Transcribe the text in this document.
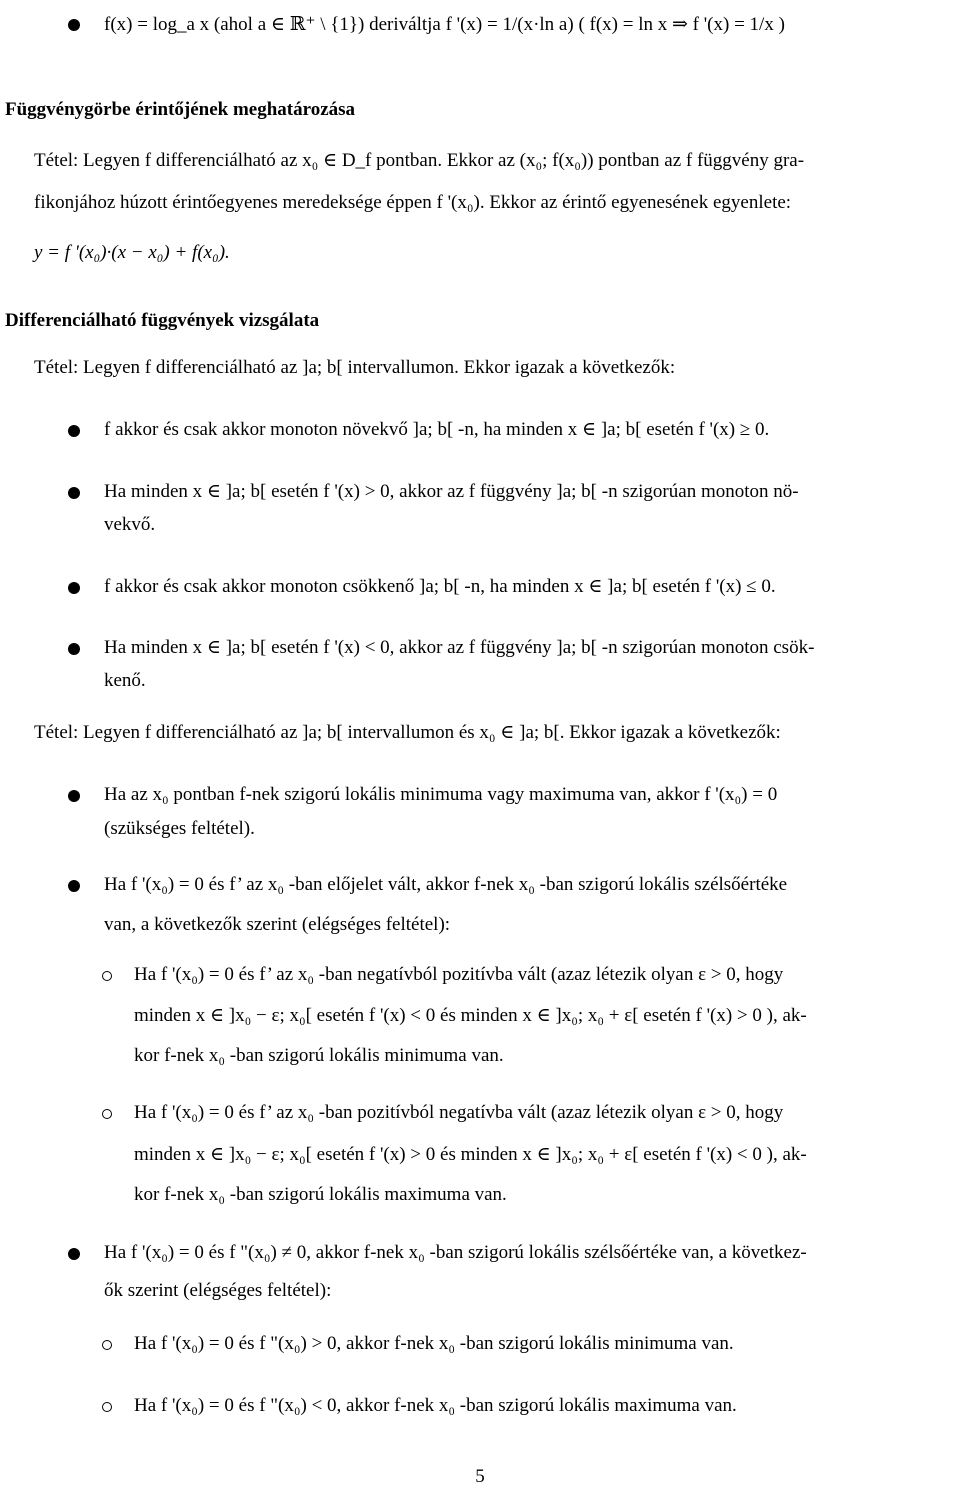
f(x) = log_a x (ahol a ∈ ℝ⁺ \ {1}) deriváltja f '(x) = 1/(x·ln a) ( f(x) = ln x ⇒ f '(x) = 1/x )
Függvénygörbe érintőjének meghatározása
Tétel: Legyen f differenciálható az x₀ ∈ D_f pontban. Ekkor az (x₀; f(x₀)) pontban az f függvény gra-
fikonjához húzott érintőegyenes meredeksége éppen f '(x₀). Ekkor az érintő egyenesének egyenlete:
y = f '(x₀)·(x − x₀) + f(x₀).
Differenciálható függvények vizsgálata
Tétel: Legyen f differenciálható az ]a; b[ intervallumon. Ekkor igazak a következők:
f akkor és csak akkor monoton növekvő ]a; b[ -n, ha minden x ∈ ]a; b[ esetén f '(x) ≥ 0.
Ha minden x ∈ ]a; b[ esetén f '(x) > 0, akkor az f függvény ]a; b[ -n szigorúan monoton nö-
vekvő.
f akkor és csak akkor monoton csökkenő ]a; b[ -n, ha minden x ∈ ]a; b[ esetén f '(x) ≤ 0.
Ha minden x ∈ ]a; b[ esetén f '(x) < 0, akkor az f függvény ]a; b[ -n szigorúan monoton csök-
kenő.
Tétel: Legyen f differenciálható az ]a; b[ intervallumon és x₀ ∈ ]a; b[. Ekkor igazak a következők:
Ha az x₀ pontban f-nek szigorú lokális minimuma vagy maximuma van, akkor f '(x₀) = 0
(szükséges feltétel).
Ha f '(x₀) = 0 és f’ az x₀ -ban előjelet vált, akkor f-nek x₀ -ban szigorú lokális szélsőértéke
van, a következők szerint (elégséges feltétel):
Ha f '(x₀) = 0 és f’ az x₀ -ban negatívból pozitívba vált (azaz létezik olyan ε > 0, hogy
minden x ∈ ]x₀ − ε; x₀[ esetén f '(x) < 0 és minden x ∈ ]x₀; x₀ + ε[ esetén f '(x) > 0 ), ak-
kor f-nek x₀ -ban szigorú lokális minimuma van.
Ha f '(x₀) = 0 és f’ az x₀ -ban pozitívból negatívba vált (azaz létezik olyan ε > 0, hogy
minden x ∈ ]x₀ − ε; x₀[ esetén f '(x) > 0 és minden x ∈ ]x₀; x₀ + ε[ esetén f '(x) < 0 ), ak-
kor f-nek x₀ -ban szigorú lokális maximuma van.
Ha f '(x₀) = 0 és f "(x₀) ≠ 0, akkor f-nek x₀ -ban szigorú lokális szélsőértéke van, a következ-
ők szerint (elégséges feltétel):
Ha f '(x₀) = 0 és f "(x₀) > 0, akkor f-nek x₀ -ban szigorú lokális minimuma van.
Ha f '(x₀) = 0 és f "(x₀) < 0, akkor f-nek x₀ -ban szigorú lokális maximuma van.
5
